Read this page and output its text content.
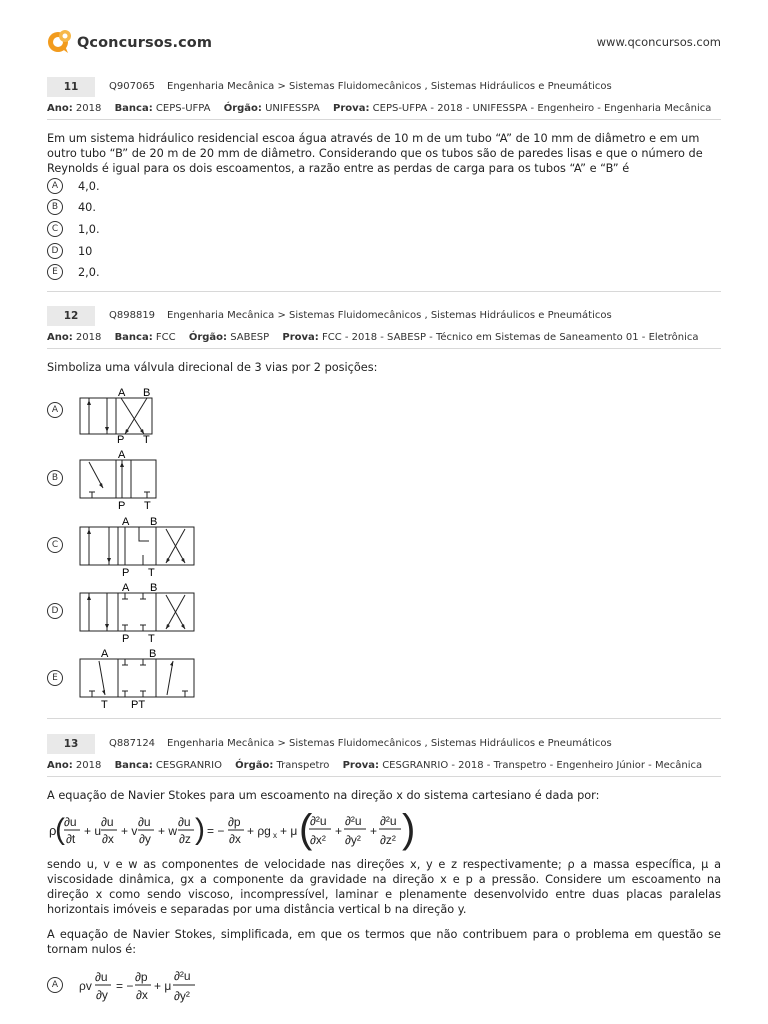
Qconcursos.com	www.qconcursos.com
11	Q907065 Engenharia Mecânica > Sistemas Fluidomecânicos , Sistemas Hidráulicos e Pneumáticos
Ano: 2018 Banca: CEPS-UFPA Órgão: UNIFESSPA Prova: CEPS-UFPA - 2018 - UNIFESSPA - Engenheiro - Engenharia Mecânica
Em um sistema hidráulico residencial escoa água através de 10 m de um tubo “A” de 10 mm de diâmetro e em um outro tubo “B” de 20 m de 20 mm de diâmetro. Considerando que os tubos são de paredes lisas e que o número de Reynolds é igual para os dois escoamentos, a razão entre as perdas de carga para os tubos “A” e “B” é
A	4,0.
B	40.
C	1,0.
D	10
E	2,0.
12	Q898819 Engenharia Mecânica > Sistemas Fluidomecânicos , Sistemas Hidráulicos e Pneumáticos
Ano: 2018 Banca: FCC Órgão: SABESP Prova: FCC - 2018 - SABESP - Técnico em Sistemas de Saneamento 01 - Eletrônica
Simboliza uma válvula direcional de 3 vias por 2 posições:
A
A B
P T
B
A
P T
C
A B
P T
D
A B
P T
E
A	B
T PT
13	Q887124 Engenharia Mecânica > Sistemas Fluidomecânicos , Sistemas Hidráulicos e Pneumáticos
Ano: 2018 Banca: CESGRANRIO Órgão: Transpetro Prova: CESGRANRIO - 2018 - Transpetro - Engenheiro Júnior - Mecânica
A equação de Navier Stokes para um escoamento na direção x do sistema cartesiano é dada por:
ρ
( ∂u
∂t
+ u
∂u
∂x
+ v
∂u
∂y
+ w
∂u
∂z ) = −
∂p
∂x
+ ρg x + μ (
∂²u
∂x²
+
∂²u
∂y²
+
∂²u
∂z² )
sendo u, v e w as componentes de velocidade nas direções x, y e z respectivamente; ρ a massa específica, μ a viscosidade dinâmica, gx a componente da gravidade na direção x e p a pressão. Considere um escoamento na direção x como sendo viscoso, incompressível, laminar e plenamente desenvolvido entre duas placas paralelas horizontais imóveis e separadas por uma distância vertical b na direção y.
A equação de Navier Stokes, simplificada, em que os termos que não contribuem para o problema em questão se tornam nulos é:
A	ρv
∂u
∂y
= −
∂p
∂x
+ μ
∂²u
∂y²
